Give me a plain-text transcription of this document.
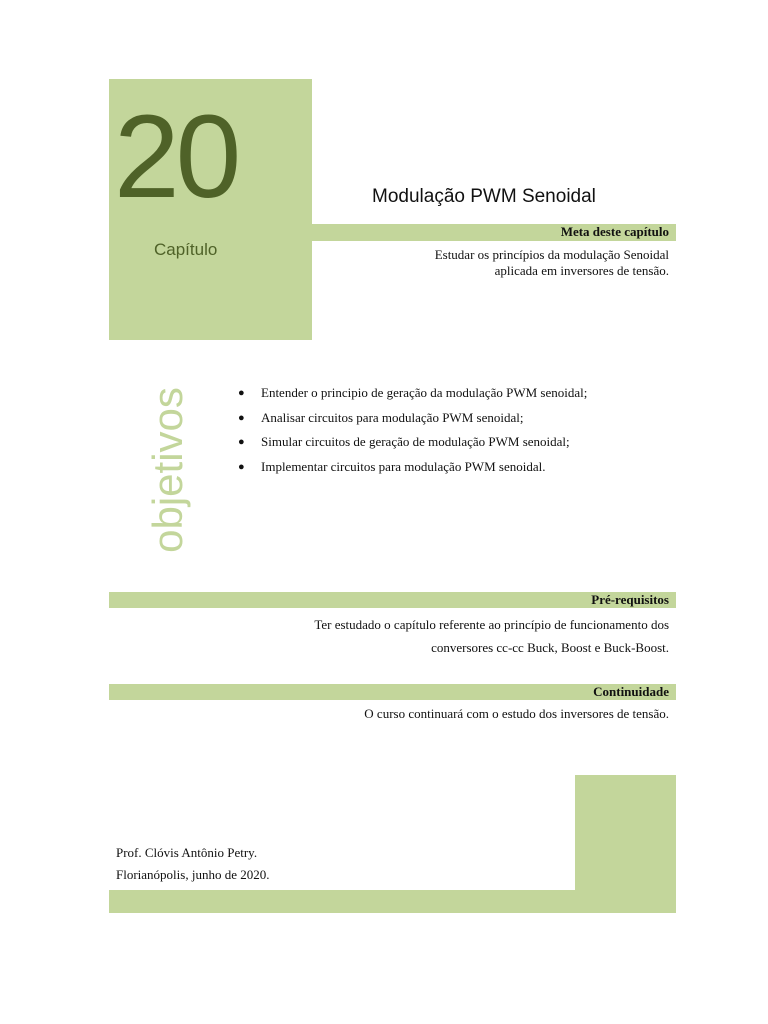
20
Capítulo
Modulação PWM Senoidal
Meta deste capítulo
Estudar os princípios da modulação Senoidal
aplicada em inversores de tensão.
objetivos	● Entender o principio de geração da modulação PWM senoidal;
● Analisar circuitos para modulação PWM senoidal;
● Simular circuitos de geração de modulação PWM senoidal;
● Implementar circuitos para modulação PWM senoidal.
Pré-requisitos
Ter estudado o capítulo referente ao princípio de funcionamento dos
conversores cc-cc Buck, Boost e Buck-Boost.
Continuidade
O curso continuará com o estudo dos inversores de tensão.
Prof. Clóvis Antônio Petry.
Florianópolis, junho de 2020.
